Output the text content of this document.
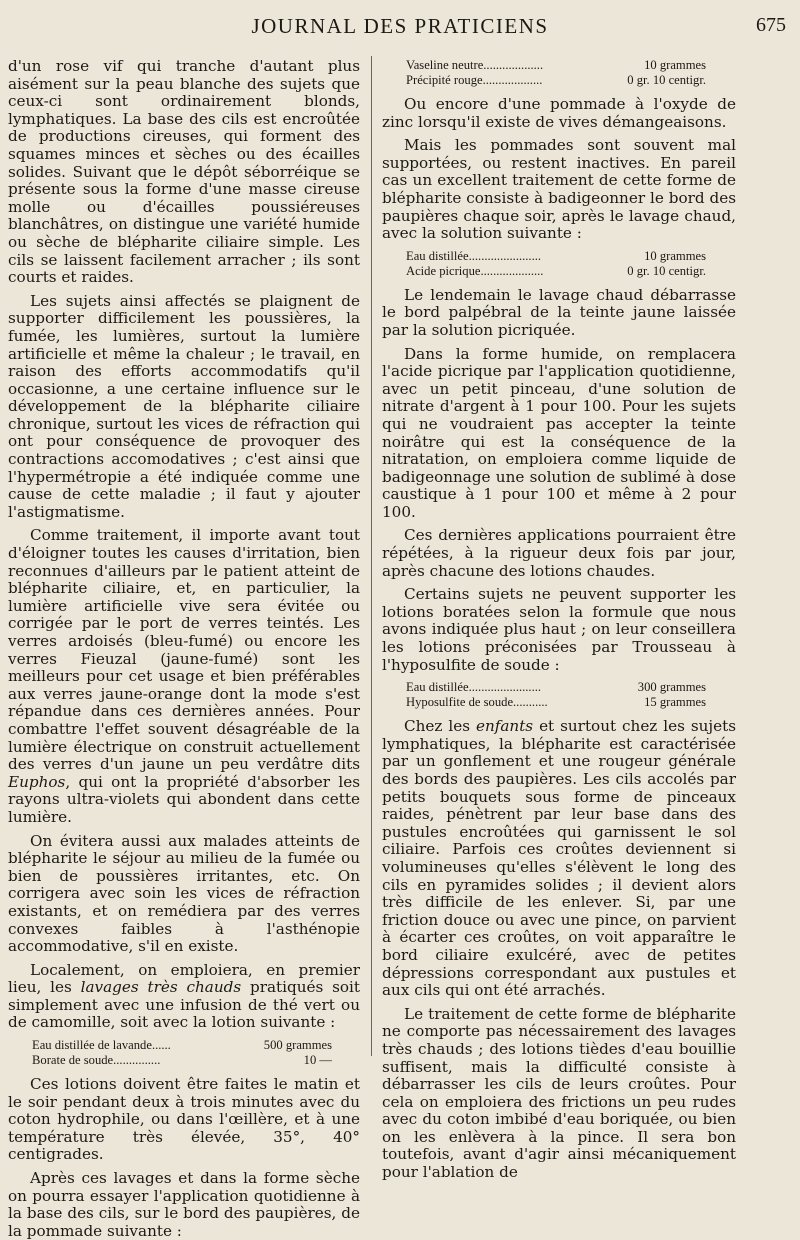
JOURNAL DES PRATICIENS	675

d'un rose vif qui tranche d'autant plus aisément sur la peau blanche des sujets que ceux-ci sont ordinairement blonds, lymphatiques. La base des cils est encroûtée de productions cireuses, qui forment des squames minces et sèches ou des écailles solides. Suivant que le dépôt séborréique se présente sous la forme d'une masse cireuse molle ou d'écailles poussiéreuses blanchâtres, on distingue une variété humide ou sèche de blépharite ciliaire simple. Les cils se laissent facilement arracher ; ils sont courts et raides.

Les sujets ainsi affectés se plaignent de supporter difficilement les poussières, la fumée, les lumières, surtout la lumière artificielle et même la chaleur ; le travail, en raison des efforts accommodatifs qu'il occasionne, a une certaine influence sur le développement de la blépharite ciliaire chronique, surtout les vices de réfraction qui ont pour conséquence de provoquer des contractions accomodatives ; c'est ainsi que l'hypermétropie a été indiquée comme une cause de cette maladie ; il faut y ajouter l'astigmatisme.

Comme traitement, il importe avant tout d'éloigner toutes les causes d'irritation, bien reconnues d'ailleurs par le patient atteint de blépharite ciliaire, et, en particulier, la lumière artificielle vive sera évitée ou corrigée par le port de verres teintés. Les verres ardoisés (bleu-fumé) ou encore les verres Fieuzal (jaune-fumé) sont les meilleurs pour cet usage et bien préférables aux verres jaune-orange dont la mode s'est répandue dans ces dernières années. Pour combattre l'effet souvent désagréable de la lumière électrique on construit actuellement des verres d'un jaune un peu verdâtre dits Euphos, qui ont la propriété d'absorber les rayons ultra-violets qui abondent dans cette lumière.

On évitera aussi aux malades atteints de blépharite le séjour au milieu de la fumée ou bien de poussières irritantes, etc. On corrigera avec soin les vices de réfraction existants, et on remédiera par des verres convexes faibles à l'asthénopie accommodative, s'il en existe.

Localement, on emploiera, en premier lieu, les lavages très chauds pratiqués soit simplement avec une infusion de thé vert ou de camomille, soit avec la lotion suivante :

Eau distillée de lavande......	500 grammes
Borate de soude...............	10 —

Ces lotions doivent être faites le matin et le soir pendant deux à trois minutes avec du coton hydrophile, ou dans l'œillère, et à une température très élevée, 35°, 40° centigrades.

Après ces lavages et dans la forme sèche on pourra essayer l'application quotidienne à la base des cils, sur le bord des paupières, de la pommade suivante :

Vaseline neutre...................	10 grammes
Précipité rouge...................	0 gr. 10 centigr.

Ou encore d'une pommade à l'oxyde de zinc lorsqu'il existe de vives démangeaisons.

Mais les pommades sont souvent mal supportées, ou restent inactives. En pareil cas un excellent traitement de cette forme de blépharite consiste à badigeonner le bord des paupières chaque soir, après le lavage chaud, avec la solution suivante :

Eau distillée.......................	10 grammes
Acide picrique....................	0 gr. 10 centigr.

Le lendemain le lavage chaud débarrasse le bord palpébral de la teinte jaune laissée par la solution picriquée.

Dans la forme humide, on remplacera l'acide picrique par l'application quotidienne, avec un petit pinceau, d'une solution de nitrate d'argent à 1 pour 100. Pour les sujets qui ne voudraient pas accepter la teinte noirâtre qui est la conséquence de la nitratation, on emploiera comme liquide de badigeonnage une solution de sublimé à dose caustique à 1 pour 100 et même à 2 pour 100.

Ces dernières applications pourraient être répétées, à la rigueur deux fois par jour, après chacune des lotions chaudes.

Certains sujets ne peuvent supporter les lotions boratées selon la formule que nous avons indiquée plus haut ; on leur conseillera les lotions préconisées par Trousseau à l'hyposulfite de soude :

Eau distillée.......................	300 grammes
Hyposulfite de soude...........	15 grammes

Chez les enfants et surtout chez les sujets lymphatiques, la blépharite est caractérisée par un gonflement et une rougeur générale des bords des paupières. Les cils accolés par petits bouquets sous forme de pinceaux raides, pénètrent par leur base dans des pustules encroûtées qui garnissent le sol ciliaire. Parfois ces croûtes deviennent si volumineuses qu'elles s'élèvent le long des cils en pyramides solides ; il devient alors très difficile de les enlever. Si, par une friction douce ou avec une pince, on parvient à écarter ces croûtes, on voit apparaître le bord ciliaire exulcéré, avec de petites dépressions correspondant aux pustules et aux cils qui ont été arrachés.

Le traitement de cette forme de blépharite ne comporte pas nécessairement des lavages très chauds ; des lotions tièdes d'eau bouillie suffisent, mais la difficulté consiste à débarrasser les cils de leurs croûtes. Pour cela on emploiera des frictions un peu rudes avec du coton imbibé d'eau boriquée, ou bien on les enlèvera à la pince. Il sera bon toutefois, avant d'agir ainsi mécaniquement pour l'ablation de
